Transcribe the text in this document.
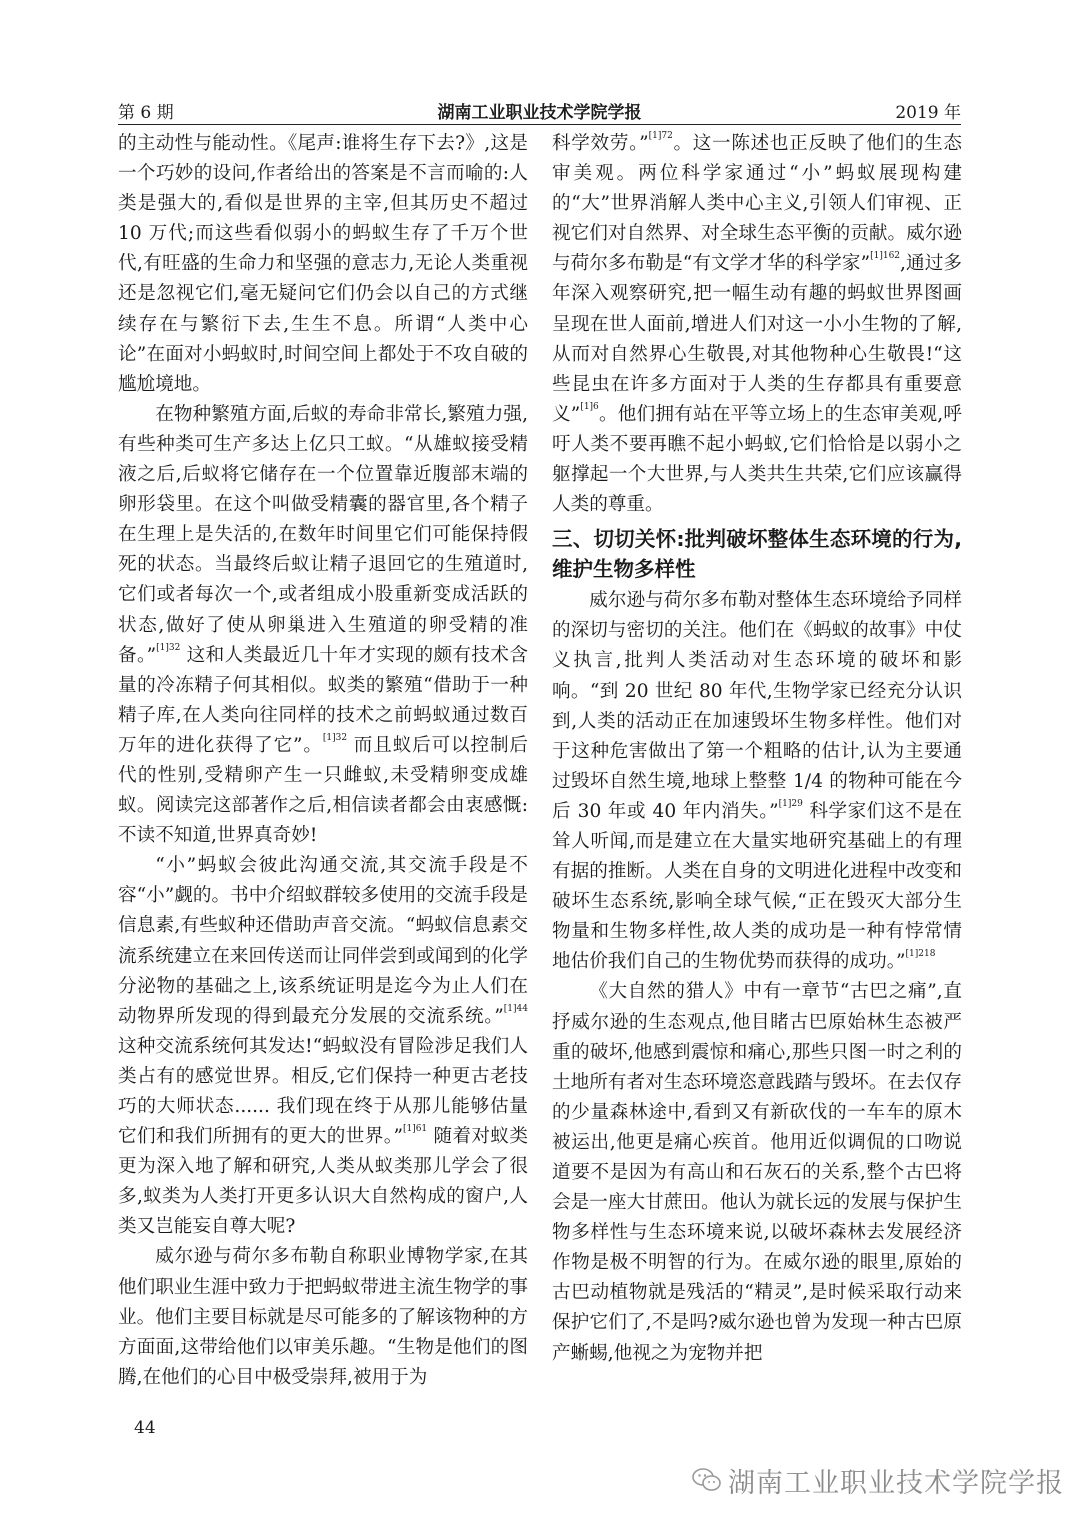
湖南工业职业技术学院学报
第 6 期	2019 年

的主动性与能动性。《尾声:谁将生存下去?》,这是一个巧妙的设问,作者给出的答案是不言而喻的:人类是强大的,看似是世界的主宰,但其历史不超过 10 万代;而这些看似弱小的蚂蚁生存了千万个世代,有旺盛的生命力和坚强的意志力,无论人类重视还是忽视它们,毫无疑问它们仍会以自己的方式继续存在与繁衍下去,生生不息。所谓“人类中心论”在面对小蚂蚁时,时间空间上都处于不攻自破的尴尬境地。

在物种繁殖方面,后蚁的寿命非常长,繁殖力强,有些种类可生产多达上亿只工蚁。“从雄蚁接受精液之后,后蚁将它储存在一个位置靠近腹部末端的卵形袋里。在这个叫做受精囊的器官里,各个精子在生理上是失活的,在数年时间里它们可能保持假死的状态。当最终后蚁让精子退回它的生殖道时,它们或者每次一个,或者组成小股重新变成活跃的状态,做好了使从卵巢进入生殖道的卵受精的准备。”$^{[1]32}$ 这和人类最近几十年才实现的颇有技术含量的冷冻精子何其相似。蚁类的繁殖“借助于一种精子库,在人类向往同样的技术之前蚂蚁通过数百万年的进化获得了它”。$^{[1]32}$ 而且蚁后可以控制后代的性别,受精卵产生一只雌蚁,未受精卵变成雄蚁。阅读完这部著作之后,相信读者都会由衷感慨:不读不知道,世界真奇妙!

“小”蚂蚁会彼此沟通交流,其交流手段是不容“小”觑的。书中介绍蚁群较多使用的交流手段是信息素,有些蚁种还借助声音交流。“蚂蚁信息素交流系统建立在来回传送而让同伴尝到或闻到的化学分泌物的基础之上,该系统证明是迄今为止人们在动物界所发现的得到最充分发展的交流系统。”$^{[1]44}$ 这种交流系统何其发达!“蚂蚁没有冒险涉足我们人类占有的感觉世界。相反,它们保持一种更古老技巧的大师状态...... 我们现在终于从那儿能够估量它们和我们所拥有的更大的世界。”$^{[1]61}$ 随着对蚁类更为深入地了解和研究,人类从蚁类那儿学会了很多,蚁类为人类打开更多认识大自然构成的窗户,人类又岂能妄自尊大呢?

威尔逊与荷尔多布勒自称职业博物学家,在其他们职业生涯中致力于把蚂蚁带进主流生物学的事业。他们主要目标就是尽可能多的了解该物种的方方面面,这带给他们以审美乐趣。“生物是他们的图腾,在他们的心目中极受崇拜,被用于为

科学效劳。”$^{[1]72}$。这一陈述也正反映了他们的生态审美观。两位科学家通过“小”蚂蚁展现构建的“大”世界消解人类中心主义,引领人们审视、正视它们对自然界、对全球生态平衡的贡献。威尔逊与荷尔多布勒是“有文学才华的科学家”$^{[1]162}$,通过多年深入观察研究,把一幅生动有趣的蚂蚁世界图画呈现在世人面前,增进人们对这一小小生物的了解,从而对自然界心生敬畏,对其他物种心生敬畏!“这些昆虫在许多方面对于人类的生存都具有重要意义”$^{[1]6}$。他们拥有站在平等立场上的生态审美观,呼吁人类不要再瞧不起小蚂蚁,它们恰恰是以弱小之躯撑起一个大世界,与人类共生共荣,它们应该赢得人类的尊重。

三、切切关怀:批判破坏整体生态环境的行为,维护生物多样性

威尔逊与荷尔多布勒对整体生态环境给予同样的深切与密切的关注。他们在《蚂蚁的故事》中仗义执言,批判人类活动对生态环境的破坏和影响。“到 20 世纪 80 年代,生物学家已经充分认识到,人类的活动正在加速毁坏生物多样性。他们对于这种危害做出了第一个粗略的估计,认为主要通过毁坏自然生境,地球上整整 1/4 的物种可能在今后 30 年或 40 年内消失。”$^{[1]29}$ 科学家们这不是在耸人听闻,而是建立在大量实地研究基础上的有理有据的推断。人类在自身的文明进化进程中改变和破坏生态系统,影响全球气候,“正在毁灭大部分生物量和生物多样性,故人类的成功是一种有悖常情地估价我们自己的生物优势而获得的成功。”$^{[1]218}$

《大自然的猎人》中有一章节“古巴之痛”,直抒威尔逊的生态观点,他目睹古巴原始林生态被严重的破坏,他感到震惊和痛心,那些只图一时之利的土地所有者对生态环境恣意践踏与毁坏。在去仅存的少量森林途中,看到又有新砍伐的一车车的原木被运出,他更是痛心疾首。他用近似调侃的口吻说道要不是因为有高山和石灰石的关系,整个古巴将会是一座大甘蔗田。他认为就长远的发展与保护生物多样性与生态环境来说,以破坏森林去发展经济作物是极不明智的行为。在威尔逊的眼里,原始的古巴动植物就是残活的“精灵”,是时候采取行动来保护它们了,不是吗?威尔逊也曾为发现一种古巴原产蜥蜴,他视之为宠物并把

44
湖南工业职业技术学院学报
